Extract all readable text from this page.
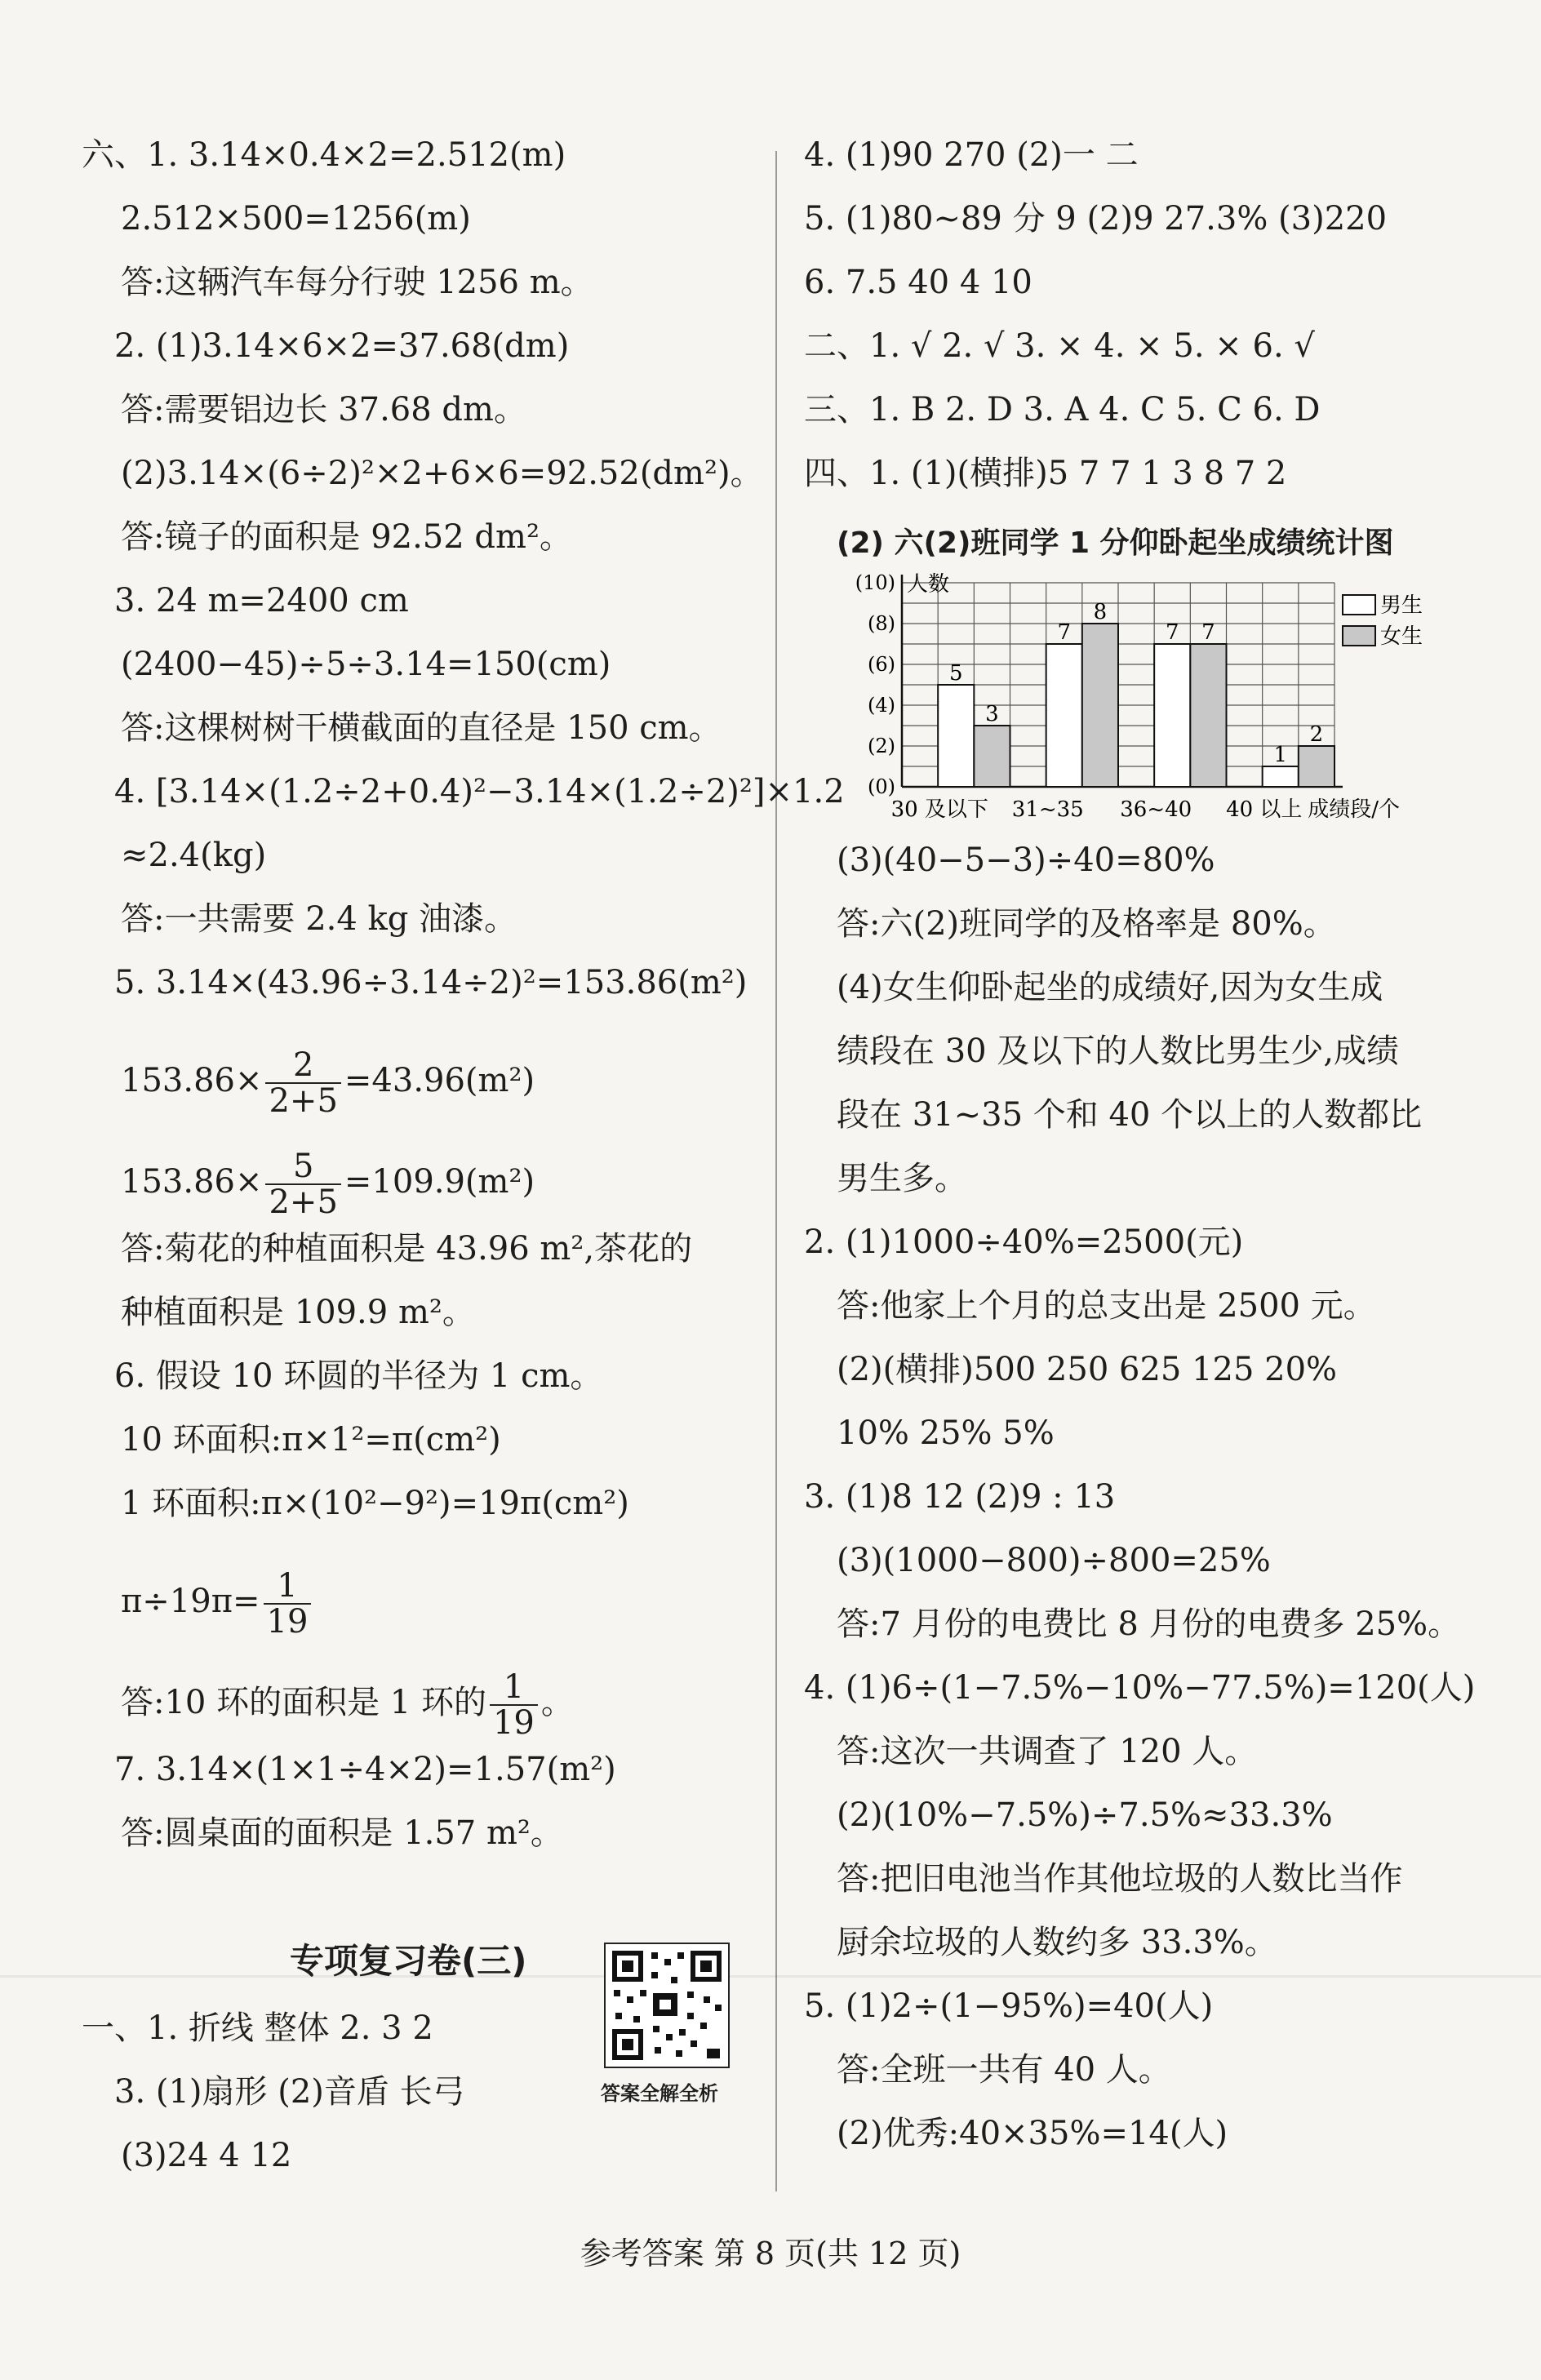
六、1. 3.14×0.4×2=2.512(m)
2.512×500=1256(m)
答:这辆汽车每分行驶 1256 m。
2. (1)3.14×6×2=37.68(dm)
答:需要铝边长 37.68 dm。
(2)3.14×(6÷2)²×2+6×6=92.52(dm²)。
答:镜子的面积是 92.52 dm²。
3. 24 m=2400 cm
(2400−45)÷5÷3.14=150(cm)
答:这棵树树干横截面的直径是 150 cm。
4. [3.14×(1.2÷2+0.4)²−3.14×(1.2÷2)²]×1.2
≈2.4(kg)
答:一共需要 2.4 kg 油漆。
5. 3.14×(43.96÷3.14÷2)²=153.86(m²)
$153.86\times \frac{2}{2+5} =43.96(m^2)$
$153.86\times \frac{5}{2+5} =109.9(m^2)$
答:菊花的种植面积是 43.96 m²,茶花的
种植面积是 109.9 m²。
6. 假设 10 环圆的半径为 1 cm。
10 环面积:π×1²=π(cm²)
1 环面积:π×(10²−9²)=19π(cm²)
$\pi\div 19\pi= \frac{1}{19}$
答:10 环的面积是 1 环的 $\frac{1}{19}$ 。
7. 3.14×(1×1÷4×2)=1.57(m²)
答:圆桌面的面积是 1.57 m²。
专项复习卷(三)
答案全解全析
一、1. 折线 整体 2. 3 2
3. (1)扇形 (2)音盾 长弓
(3)24 4 12
4. (1)90 270 (2)一 二
5. (1)80~89 分 9 (2)9 27.3% (3)220
6. 7.5 40 4 10
二、1. √ 2. √ 3. × 4. × 5. × 6. √
三、1. B 2. D 3. A 4. C 5. C 6. D
四、1. (1)(横排)5 7 7 1 3 8 7 2
(2) 六(2)班同学 1 分仰卧起坐成绩统计图
(0)
(2)
(4)
(6)
(8)
(10) 人数
5
3
30 及以下
7
8
31~35
7 7
36~40
1
2
40 以上 成绩段/个
男生
女生
(3)(40−5−3)÷40=80%
答:六(2)班同学的及格率是 80%。
(4)女生仰卧起坐的成绩好,因为女生成
绩段在 30 及以下的人数比男生少,成绩
段在 31~35 个和 40 个以上的人数都比
男生多。
2. (1)1000÷40%=2500(元)
答:他家上个月的总支出是 2500 元。
(2)(横排)500 250 625 125 20%
10% 25% 5%
3. (1)8 12 (2)9 : 13
(3)(1000−800)÷800=25%
答:7 月份的电费比 8 月份的电费多 25%。
4. (1)6÷(1−7.5%−10%−77.5%)=120(人)
答:这次一共调查了 120 人。
(2)(10%−7.5%)÷7.5%≈33.3%
答:把旧电池当作其他垃圾的人数比当作
厨余垃圾的人数约多 33.3%。
5. (1)2÷(1−95%)=40(人)
答:全班一共有 40 人。
(2)优秀:40×35%=14(人)
参考答案 第 8 页(共 12 页)
